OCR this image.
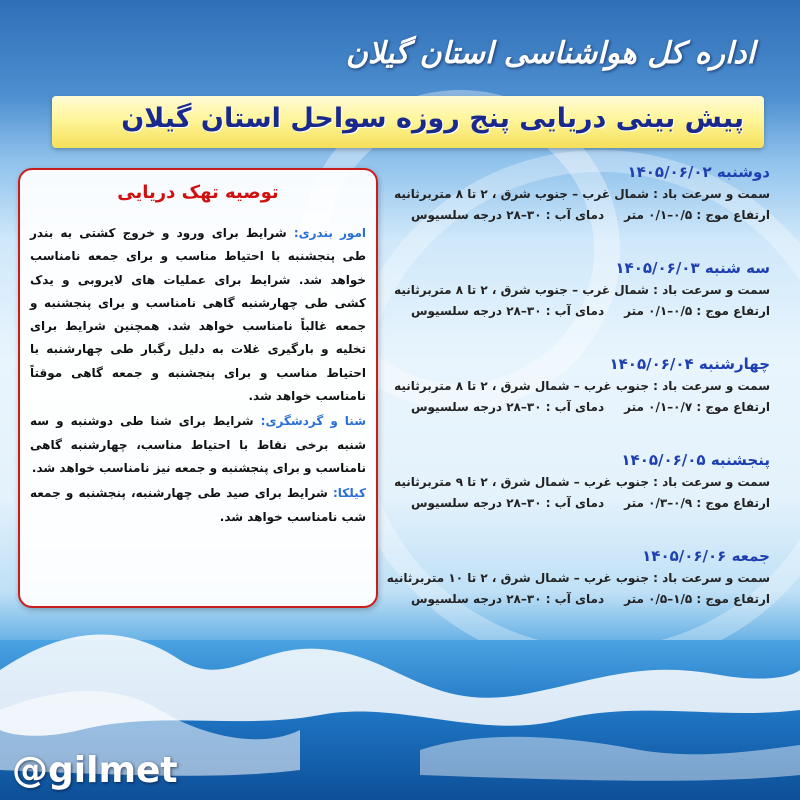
اداره کل هواشناسی استان گیلان
پیش بینی دریایی پنج روزه سواحل استان گیلان
دوشنبه ۱۴۰۵/۰۶/۰۲
سمت و سرعت باد : شمال غرب – جنوب شرق ، ۲ تا ۸ متربرثانیه
ارتفاع موج : ۰/۵–۰/۱ متردمای آب : ۳۰–۲۸ درجه سلسیوس
سه شنبه ۱۴۰۵/۰۶/۰۳
سمت و سرعت باد : شمال غرب – جنوب شرق ، ۲ تا ۸ متربرثانیه
ارتفاع موج : ۰/۵–۰/۱ متردمای آب : ۳۰–۲۸ درجه سلسیوس
چهارشنبه ۱۴۰۵/۰۶/۰۴
سمت و سرعت باد : جنوب غرب – شمال شرق ، ۲ تا ۸ متربرثانیه
ارتفاع موج : ۰/۷–۰/۱ متردمای آب : ۳۰–۲۸ درجه سلسیوس
پنجشنبه ۱۴۰۵/۰۶/۰۵
سمت و سرعت باد : جنوب غرب – شمال شرق ، ۲ تا ۹ متربرثانیه
ارتفاع موج : ۰/۹–۰/۳ متردمای آب : ۳۰–۲۸ درجه سلسیوس
جمعه ۱۴۰۵/۰۶/۰۶
سمت و سرعت باد : جنوب غرب – شمال شرق ، ۲ تا ۱۰ متربرثانیه
ارتفاع موج : ۱/۵–۰/۵ متردمای آب : ۳۰–۲۸ درجه سلسیوس
توصیه تهک دریایی
امور بندری: شرایط برای ورود و خروج کشتی به بندر طی پنجشنبه با احتیاط مناسب و برای جمعه نامناسب خواهد شد. شرایط برای عملیات های لایروبی و یدک کشی طی چهارشنبه گاهی نامناسب و برای پنجشنبه و جمعه غالباً نامناسب خواهد شد. همچنین شرایط برای تخلیه و بارگیری غلات به دلیل رگبار طی چهارشنبه با احتیاط مناسب و برای پنجشنبه و جمعه گاهی موقتاً نامناسب خواهد شد.
شنا و گردشگری: شرایط برای شنا طی دوشنبه و سه شنبه برخی نقاط با احتیاط مناسب، چهارشنبه گاهی نامناسب و برای پنجشنبه و جمعه نیز نامناسب خواهد شد.
کیلکا: شرایط برای صید طی چهارشنبه، پنجشنبه و جمعه شب نامناسب خواهد شد.
@gilmet
